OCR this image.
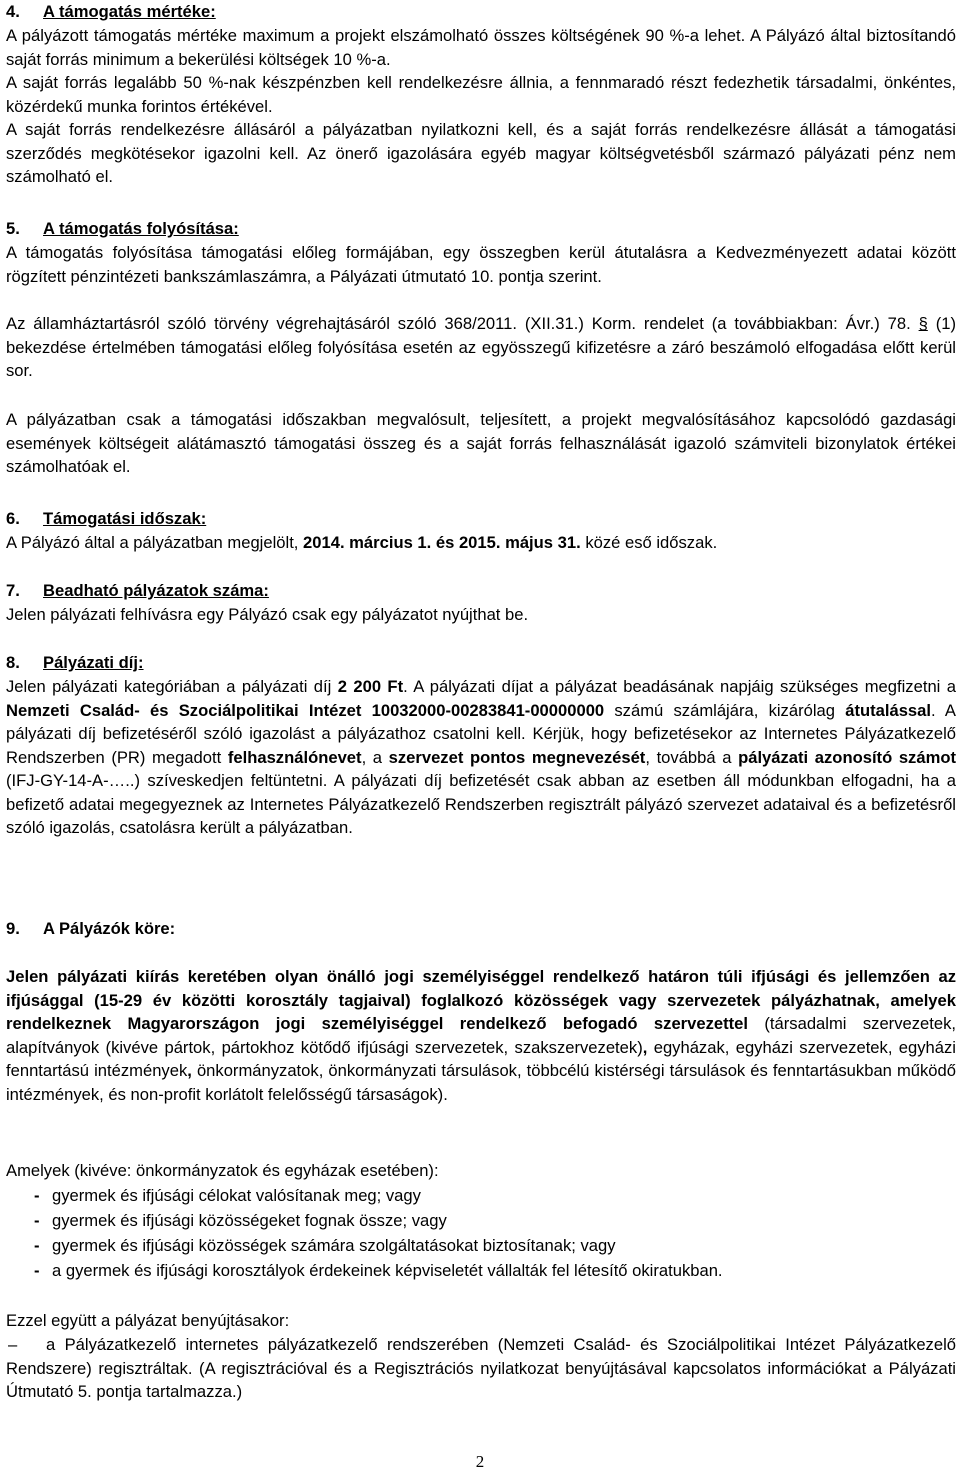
4. A támogatás mértéke:

A pályázott támogatás mértéke maximum a projekt elszámolható összes költségének 90 %-a lehet. A Pályázó által biztosítandó saját forrás minimum a bekerülési költségek 10 %-a.

A saját forrás legalább 50 %-nak készpénzben kell rendelkezésre állnia, a fennmaradó részt fedezhetik társadalmi, önkéntes, közérdekű munka forintos értékével.

A saját forrás rendelkezésre állásáról a pályázatban nyilatkozni kell, és a saját forrás rendelkezésre állását a támogatási szerződés megkötésekor igazolni kell. Az önerő igazolására egyéb magyar költségvetésből származó pályázati pénz nem számolható el.

5. A támogatás folyósítása:

A támogatás folyósítása támogatási előleg formájában, egy összegben kerül átutalásra a Kedvezményezett adatai között rögzített pénzintézeti bankszámlaszámra, a Pályázati útmutató 10. pontja szerint.

Az államháztartásról szóló törvény végrehajtásáról szóló 368/2011. (XII.31.) Korm. rendelet (a továbbiakban: Ávr.) 78. § (1) bekezdése értelmében támogatási előleg folyósítása esetén az egyösszegű kifizetésre a záró beszámoló elfogadása előtt kerül sor.

A pályázatban csak a támogatási időszakban megvalósult, teljesített, a projekt megvalósításához kapcsolódó gazdasági események költségeit alátámasztó támogatási összeg és a saját forrás felhasználását igazoló számviteli bizonylatok értékei számolhatóak el.

6. Támogatási időszak:

A Pályázó által a pályázatban megjelölt, 2014. március 1. és 2015. május 31. közé eső időszak.

7. Beadható pályázatok száma:

Jelen pályázati felhívásra egy Pályázó csak egy pályázatot nyújthat be.

8. Pályázati díj:

Jelen pályázati kategóriában a pályázati díj 2 200 Ft. A pályázati díjat a pályázat beadásának napjáig szükséges megfizetni a Nemzeti Család- és Szociálpolitikai Intézet 10032000-00283841-00000000 számú számlájára, kizárólag átutalással. A pályázati díj befizetéséről szóló igazolást a pályázathoz csatolni kell. Kérjük, hogy befizetésekor az Internetes Pályázatkezelő Rendszerben (PR) megadott felhasználónevet, a szervezet pontos megnevezését, továbbá a pályázati azonosító számot (IFJ-GY-14-A-…..) szíveskedjen feltüntetni. A pályázati díj befizetését csak abban az esetben áll módunkban elfogadni, ha a befizető adatai megegyeznek az Internetes Pályázatkezelő Rendszerben regisztrált pályázó szervezet adataival és a befizetésről szóló igazolás, csatolásra került a pályázatban.

9. A Pályázók köre:

Jelen pályázati kiírás keretében olyan önálló jogi személyiséggel rendelkező határon túli ifjúsági és jellemzően az ifjúsággal (15-29 év közötti korosztály tagjaival) foglalkozó közösségek vagy szervezetek pályázhatnak, amelyek rendelkeznek Magyarországon jogi személyiséggel rendelkező befogadó szervezettel (társadalmi szervezetek, alapítványok (kivéve pártok, pártokhoz kötődő ifjúsági szervezetek, szakszervezetek), egyházak, egyházi szervezetek, egyházi fenntartású intézmények, önkormányzatok, önkormányzati társulások, többcélú kistérségi társulások és fenntartásukban működő intézmények, és non-profit korlátolt felelősségű társaságok).

Amelyek (kivéve: önkormányzatok és egyházak esetében):

- gyermek és ifjúsági célokat valósítanak meg; vagy
- gyermek és ifjúsági közösségeket fognak össze; vagy
- gyermek és ifjúsági közösségek számára szolgáltatásokat biztosítanak; vagy
- a gyermek és ifjúsági korosztályok érdekeinek képviseletét vállalták fel létesítő okiratukban.

Ezzel együtt a pályázat benyújtásakor:

– a Pályázatkezelő internetes pályázatkezelő rendszerében (Nemzeti Család- és Szociálpolitikai Intézet Pályázatkezelő Rendszere) regisztráltak. (A regisztrációval és a Regisztrációs nyilatkozat benyújtásával kapcsolatos információkat a Pályázati Útmutató 5. pontja tartalmazza.)

2
